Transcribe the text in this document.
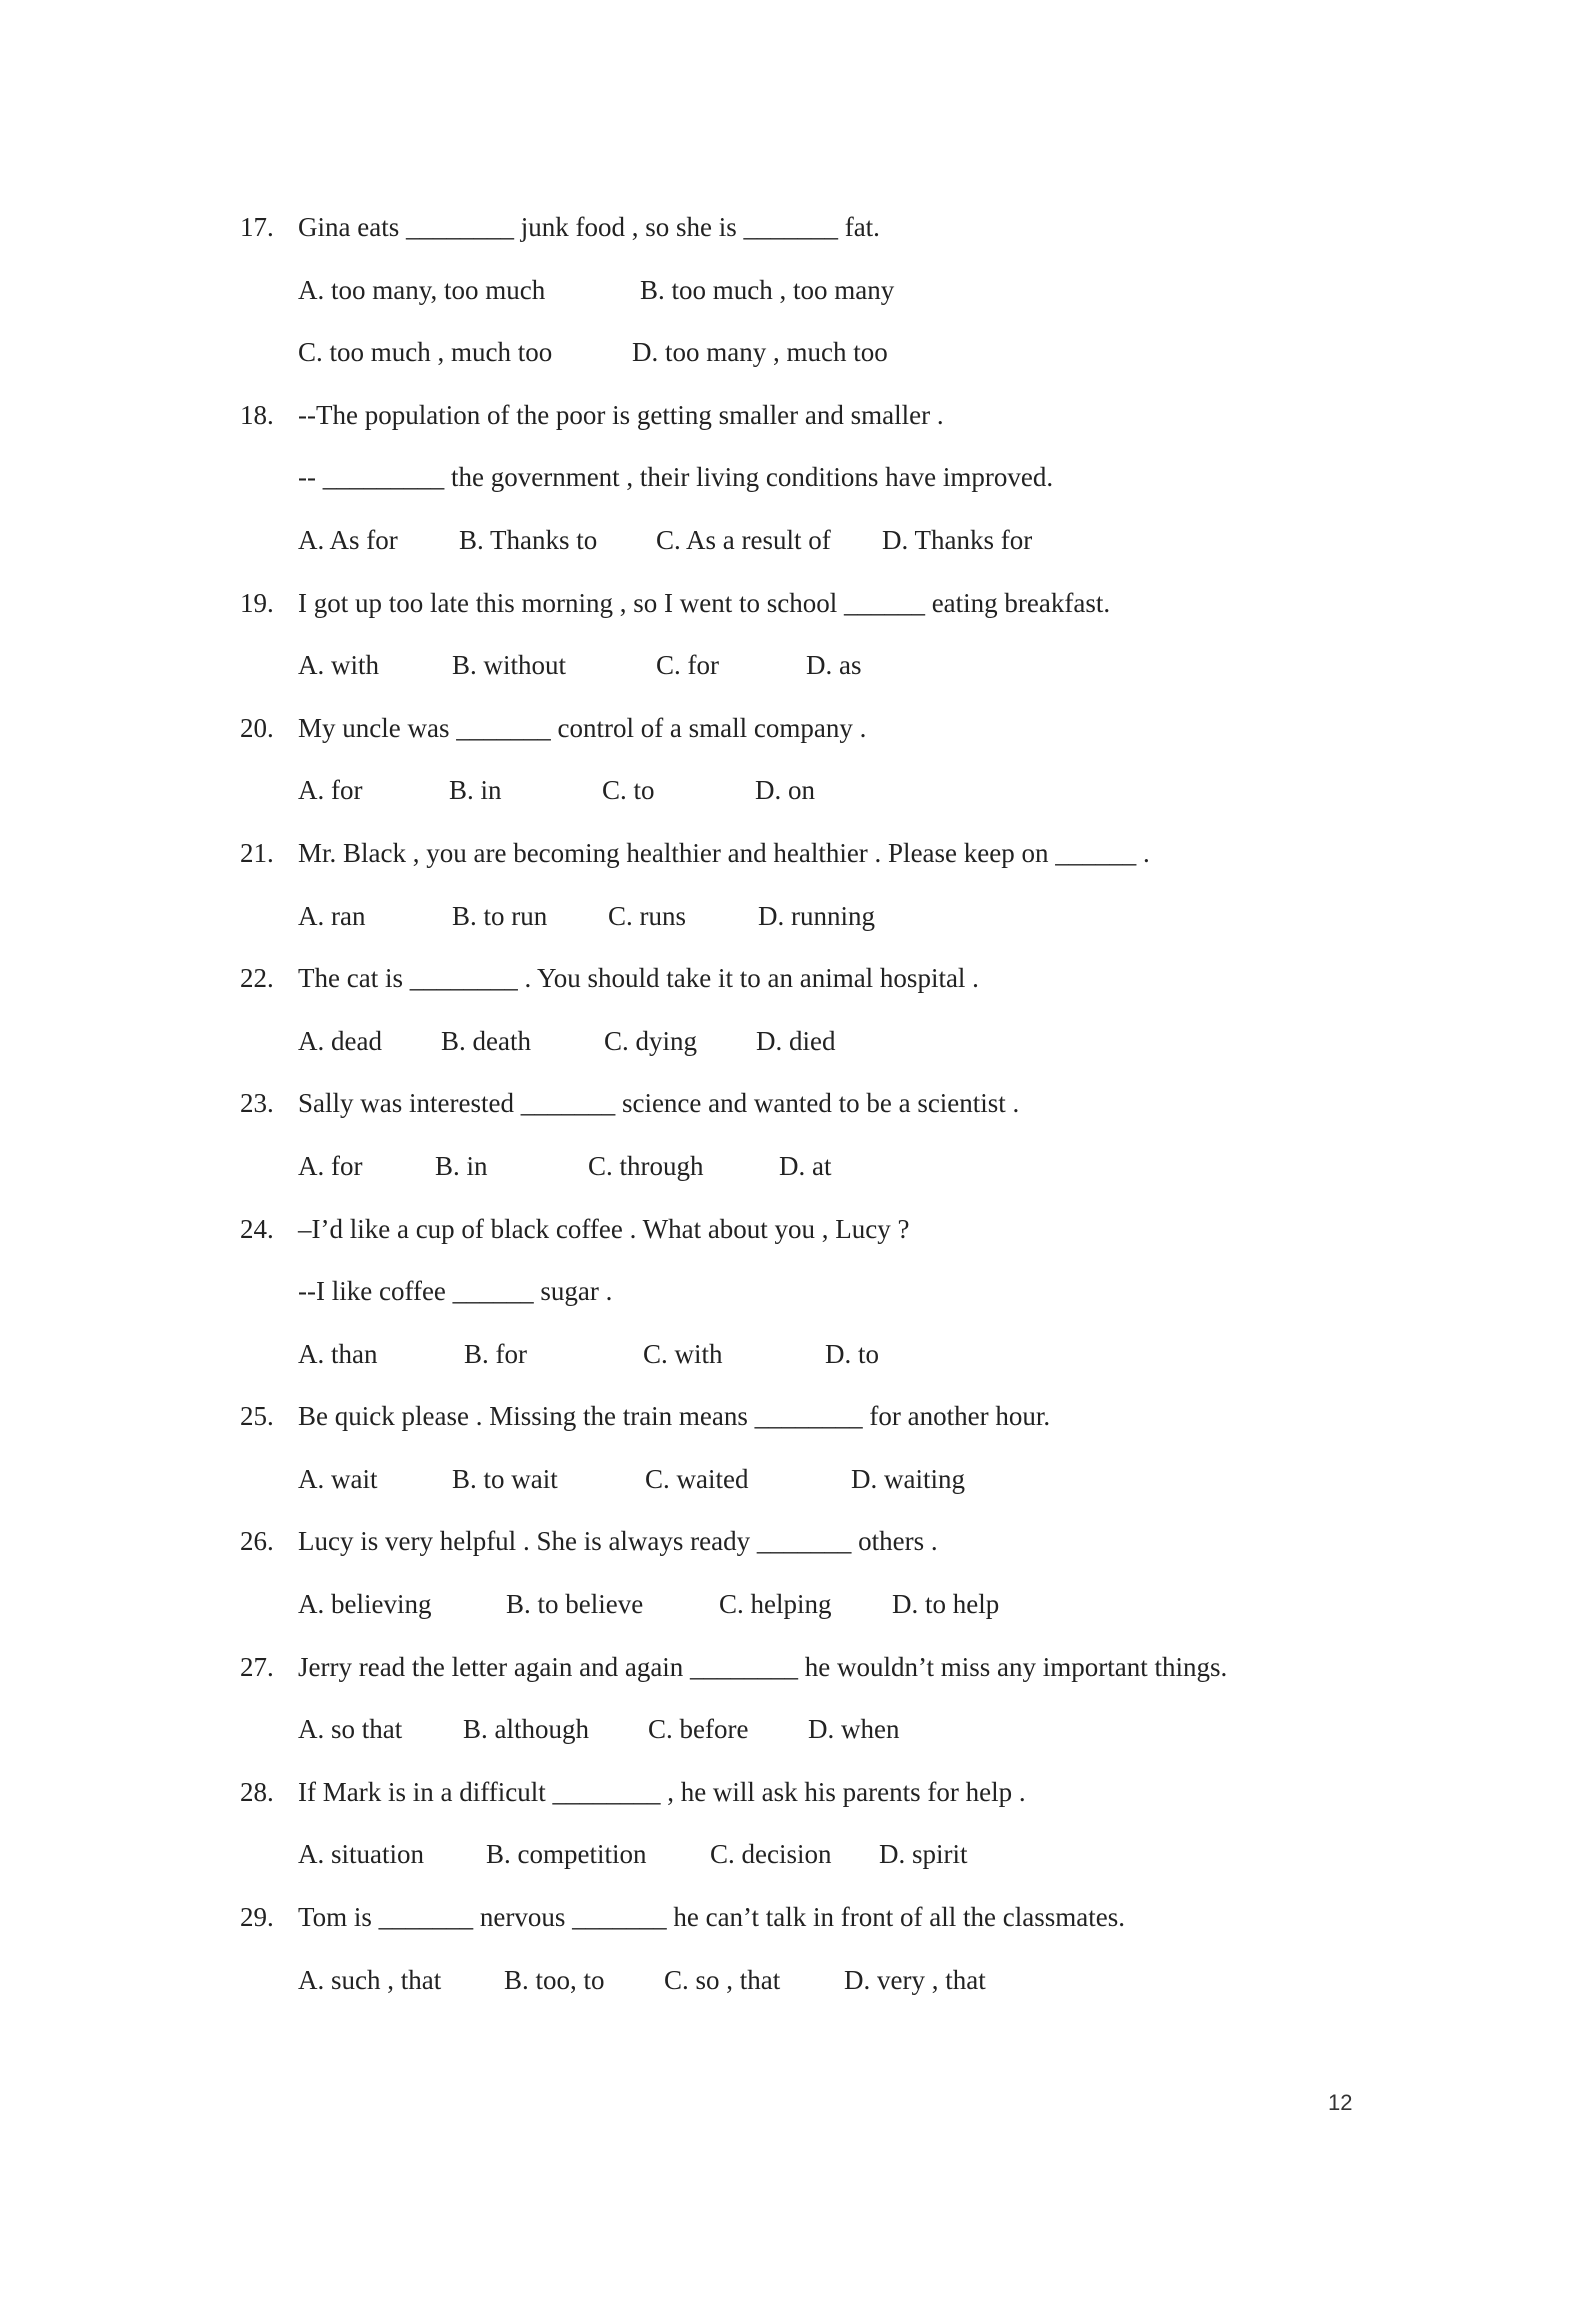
17.

Gina eats ________ junk food , so she is _______ fat.

A. too many, too much

	B. too much , too many

C. too much , much too

	D. too many , much too

18.

--The population of the poor is getting smaller and smaller .

-- _________ the government , their living conditions have improved.

A. As for

B. Thanks to

C. As a result of

D. Thanks for

19.

I got up too late this morning , so I went to school ______ eating breakfast.

A. with

	B. without

	C. for

	D. as

20.

My uncle was _______ control of a small company .

A. for

	B. in

	C. to

	D. on

21.

Mr. Black , you are becoming healthier and healthier . Please keep on ______ .

A. ran

	B. to run

C. runs

	D. running

22.

The cat is ________ . You should take it to an animal hospital .

A. dead

B. death

	C. dying

D. died

23.

Sally was interested _______ science and wanted to be a scientist .

A. for

	B. in

	C. through

	D. at

24.

–I’d like a cup of black coffee . What about you , Lucy ?

--I like coffee ______ sugar .

A. than

	B. for

	C. with

	D. to

25.

Be quick please . Missing the train means ________ for another hour.

A. wait

	B. to wait

	C. waited

	D. waiting

26.

Lucy is very helpful . She is always ready _______ others .

A. believing

	B. to believe

	C. helping

D. to help

27.

Jerry read the letter again and again ________ he wouldn’t miss any important things.

A. so that

B. although

C. before

D. when

28.

If Mark is in a difficult ________ , he will ask his parents for help .

A. situation

B. competition

C. decision

D. spirit

29.

Tom is _______ nervous _______ he can’t talk in front of all the classmates.

A. such , that

B. too, to

C. so , that

D. very , that

12
